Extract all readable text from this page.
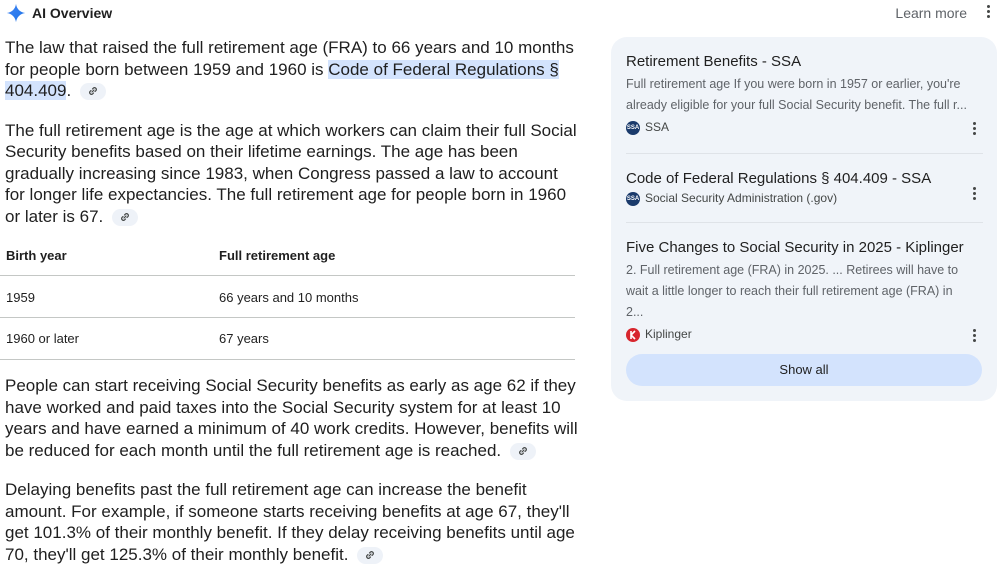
AI Overview	Learn more

The law that raised the full retirement age (FRA) to 66 years and 10 months for people born between 1959 and 1960 is Code of Federal Regulations § 404.409.

The full retirement age is the age at which workers can claim their full Social Security benefits based on their lifetime earnings. The age has been gradually increasing since 1983, when Congress passed a law to account for longer life expectancies. The full retirement age for people born in 1960 or later is 67.

Birth year	Full retirement age
1959	66 years and 10 months
1960 or later	67 years

People can start receiving Social Security benefits as early as age 62 if they have worked and paid taxes into the Social Security system for at least 10 years and have earned a minimum of 40 work credits. However, benefits will be reduced for each month until the full retirement age is reached.

Delaying benefits past the full retirement age can increase the benefit amount. For example, if someone starts receiving benefits at age 67, they'll get 101.3% of their monthly benefit. If they delay receiving benefits until age 70, they'll get 125.3% of their monthly benefit.

Retirement Benefits - SSA
Full retirement age If you were born in 1957 or earlier, you're already eligible for your full Social Security benefit. The full r...
SSA SSA
Code of Federal Regulations § 404.409 - SSA
SSA Social Security Administration (.gov)
Five Changes to Social Security in 2025 - Kiplinger
2. Full retirement age (FRA) in 2025. ... Retirees will have to wait a little longer to reach their full retirement age (FRA) in 2...
Kiplinger
Show all
